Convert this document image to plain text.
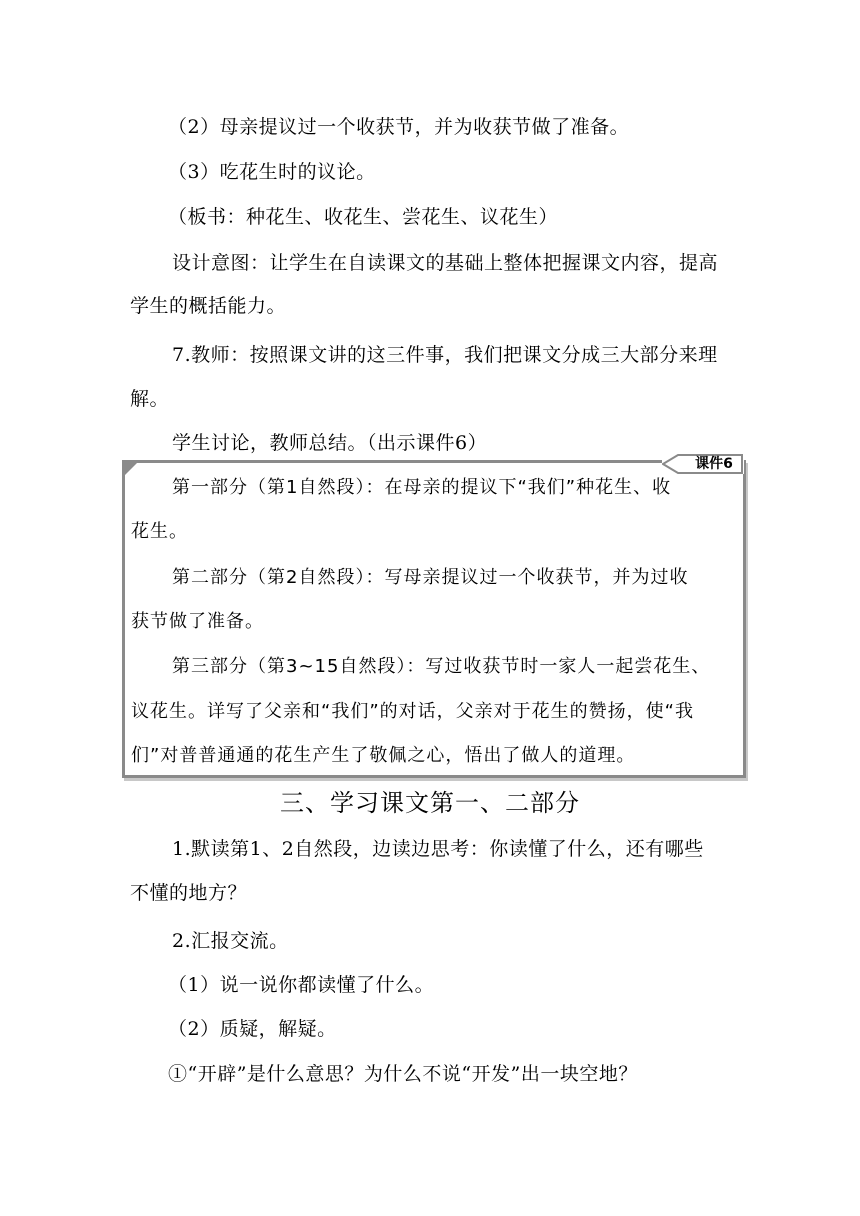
（2）母亲提议过一个收获节，并为收获节做了准备。
（3）吃花生时的议论。
（板书：种花生、收花生、尝花生、议花生）
设计意图：让学生在自读课文的基础上整体把握课文内容，提高
学生的概括能力。
7.教师：按照课文讲的这三件事，我们把课文分成三大部分来理
解。
学生讨论，教师总结。（出示课件6）
课件6
第一部分（第1自然段）：在母亲的提议下“我们”种花生、收
花生。
第二部分（第2自然段）：写母亲提议过一个收获节，并为过收
获节做了准备。
第三部分（第3~15自然段）：写过收获节时一家人一起尝花生、
议花生。详写了父亲和“我们”的对话，父亲对于花生的赞扬，使“我
们”对普普通通的花生产生了敬佩之心，悟出了做人的道理。
三、学习课文第一、二部分
1.默读第1、2自然段，边读边思考：你读懂了什么，还有哪些
不懂的地方？
2.汇报交流。
（1）说一说你都读懂了什么。
（2）质疑，解疑。
①“开辟”是什么意思？为什么不说“开发”出一块空地？
